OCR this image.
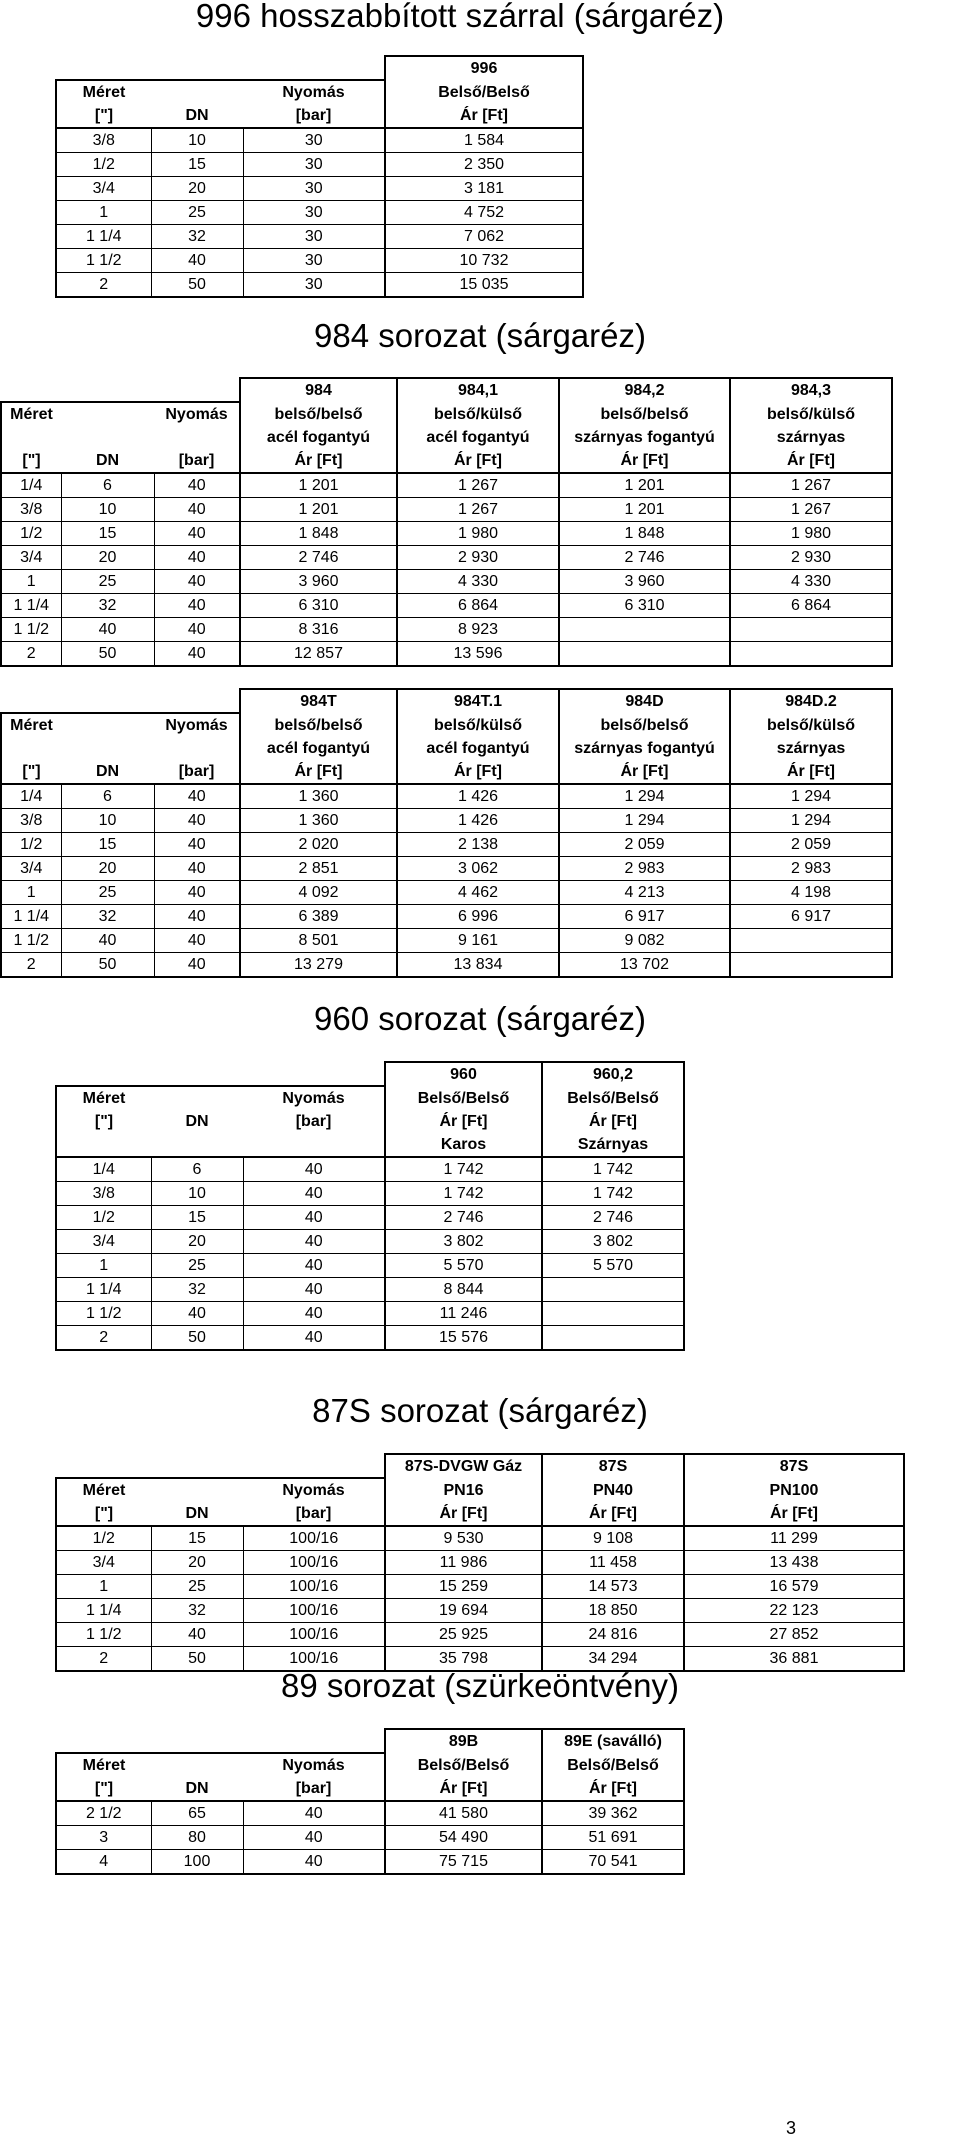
996 hosszabbított szárral (sárgaréz)
			996
Méret		Nyomás	Belső/Belső
["]	DN	[bar]	Ár [Ft]
3/8	10	30	1 584
1/2	15	30	2 350
3/4	20	30	3 181
1	25	30	4 752
1 1/4	32	30	7 062
1 1/2	40	30	10 732
2	50	30	15 035
984 sorozat (sárgaréz)
			984	984,1	984,2	984,3
Méret		Nyomás	belső/belső	belső/külső	belső/belső	belső/külső
			acél fogantyú	acél fogantyú	szárnyas fogantyú	szárnyas
["]	DN	[bar]	Ár [Ft]	Ár [Ft]	Ár [Ft]	Ár [Ft]
1/4	6	40	1 201	1 267	1 201	1 267
3/8	10	40	1 201	1 267	1 201	1 267
1/2	15	40	1 848	1 980	1 848	1 980
3/4	20	40	2 746	2 930	2 746	2 930
1	25	40	3 960	4 330	3 960	4 330
1 1/4	32	40	6 310	6 864	6 310	6 864
1 1/2	40	40	8 316	8 923		
2	50	40	12 857	13 596		
			984T	984T.1	984D	984D.2
Méret		Nyomás	belső/belső	belső/külső	belső/belső	belső/külső
			acél fogantyú	acél fogantyú	szárnyas fogantyú	szárnyas
["]	DN	[bar]	Ár [Ft]	Ár [Ft]	Ár [Ft]	Ár [Ft]
1/4	6	40	1 360	1 426	1 294	1 294
3/8	10	40	1 360	1 426	1 294	1 294
1/2	15	40	2 020	2 138	2 059	2 059
3/4	20	40	2 851	3 062	2 983	2 983
1	25	40	4 092	4 462	4 213	4 198
1 1/4	32	40	6 389	6 996	6 917	6 917
1 1/2	40	40	8 501	9 161	9 082	
2	50	40	13 279	13 834	13 702	
960 sorozat (sárgaréz)
			960	960,2
Méret		Nyomás	Belső/Belső	Belső/Belső
["]	DN	[bar]	Ár [Ft]	Ár [Ft]
			Karos	Szárnyas
1/4	6	40	1 742	1 742
3/8	10	40	1 742	1 742
1/2	15	40	2 746	2 746
3/4	20	40	3 802	3 802
1	25	40	5 570	5 570
1 1/4	32	40	8 844	
1 1/2	40	40	11 246	
2	50	40	15 576	
87S sorozat (sárgaréz)
			87S-DVGW Gáz	87S	87S
Méret		Nyomás	PN16	PN40	PN100
["]	DN	[bar]	Ár [Ft]	Ár [Ft]	Ár [Ft]
1/2	15	100/16	9 530	9 108	11 299
3/4	20	100/16	11 986	11 458	13 438
1	25	100/16	15 259	14 573	16 579
1 1/4	32	100/16	19 694	18 850	22 123
1 1/2	40	100/16	25 925	24 816	27 852
2	50	100/16	35 798	34 294	36 881
89 sorozat (szürkeöntvény)
			89B	89E (saválló)
Méret		Nyomás	Belső/Belső	Belső/Belső
["]	DN	[bar]	Ár [Ft]	Ár [Ft]
2 1/2	65	40	41 580	39 362
3	80	40	54 490	51 691
4	100	40	75 715	70 541
3
